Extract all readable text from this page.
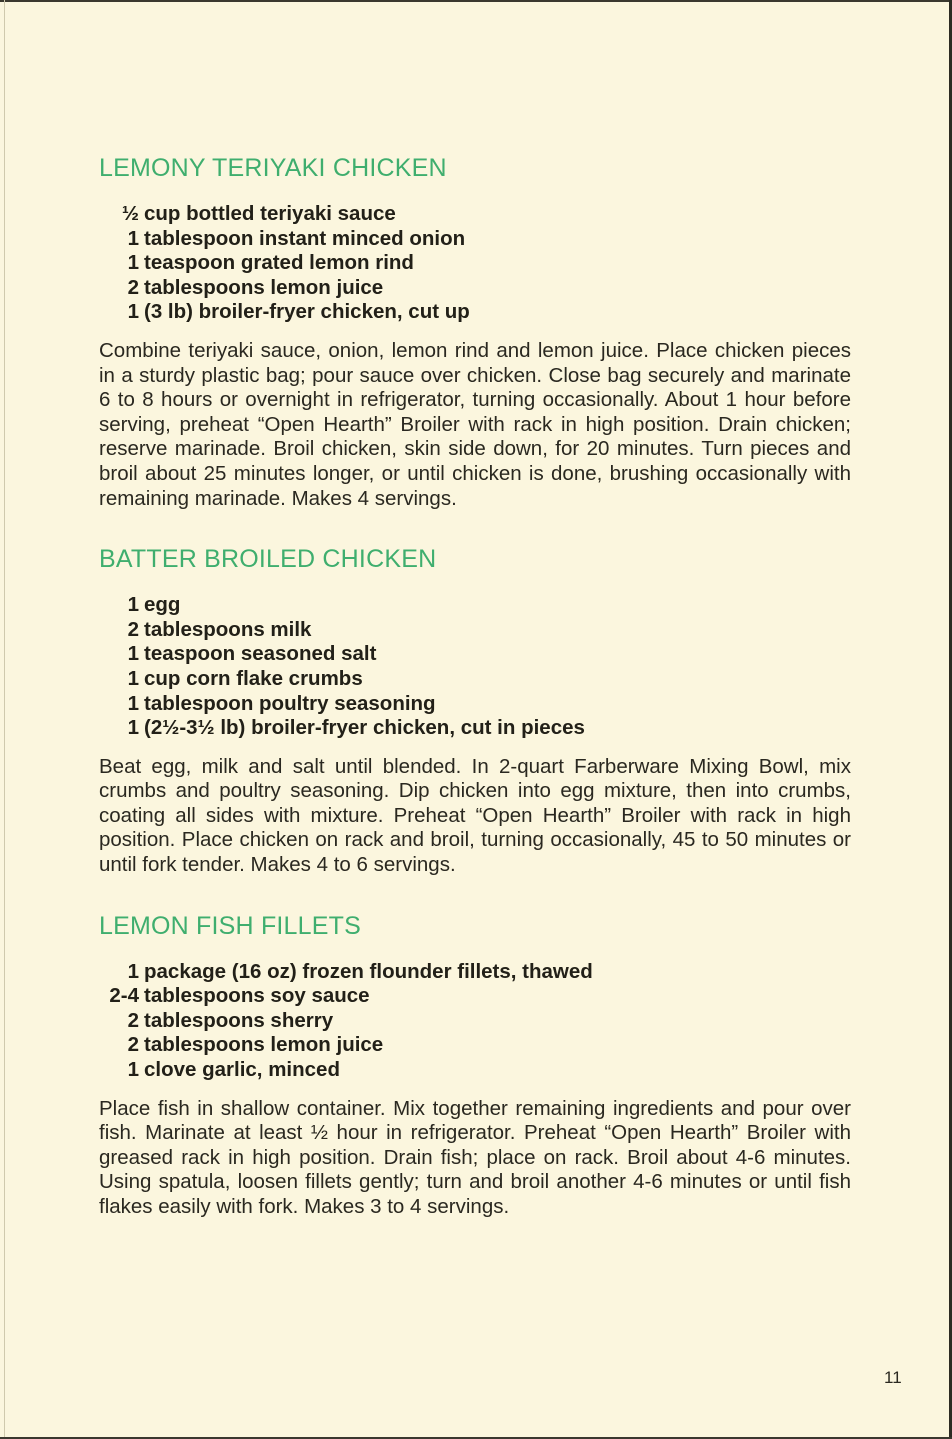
LEMONY TERIYAKI CHICKEN
½ cup bottled teriyaki sauce
1 tablespoon instant minced onion
1 teaspoon grated lemon rind
2 tablespoons lemon juice
1 (3 lb) broiler-fryer chicken, cut up

Combine teriyaki sauce, onion, lemon rind and lemon juice. Place chicken pieces in a sturdy plastic bag; pour sauce over chicken. Close bag securely and marinate 6 to 8 hours or overnight in refrigerator, turning occasionally. About 1 hour before serving, preheat “Open Hearth” Broiler with rack in high position. Drain chicken; reserve marinade. Broil chicken, skin side down, for 20 minutes. Turn pieces and broil about 25 minutes longer, or until chicken is done, brushing occasionally with remaining marinade. Makes 4 servings.

BATTER BROILED CHICKEN
1 egg
2 tablespoons milk
1 teaspoon seasoned salt
1 cup corn flake crumbs
1 tablespoon poultry seasoning
1 (2½-3½ lb) broiler-fryer chicken, cut in pieces

Beat egg, milk and salt until blended. In 2-quart Farberware Mixing Bowl, mix crumbs and poultry seasoning. Dip chicken into egg mixture, then into crumbs, coating all sides with mixture. Preheat “Open Hearth” Broiler with rack in high position. Place chicken on rack and broil, turning occasionally, 45 to 50 minutes or until fork tender. Makes 4 to 6 servings.

LEMON FISH FILLETS
1 package (16 oz) frozen flounder fillets, thawed
2-4 tablespoons soy sauce
2 tablespoons sherry
2 tablespoons lemon juice
1 clove garlic, minced

Place fish in shallow container. Mix together remaining ingredients and pour over fish. Marinate at least ½ hour in refrigerator. Preheat “Open Hearth” Broiler with greased rack in high position. Drain fish; place on rack. Broil about 4-6 minutes. Using spatula, loosen fillets gently; turn and broil another 4-6 minutes or until fish flakes easily with fork. Makes 3 to 4 servings.

11
